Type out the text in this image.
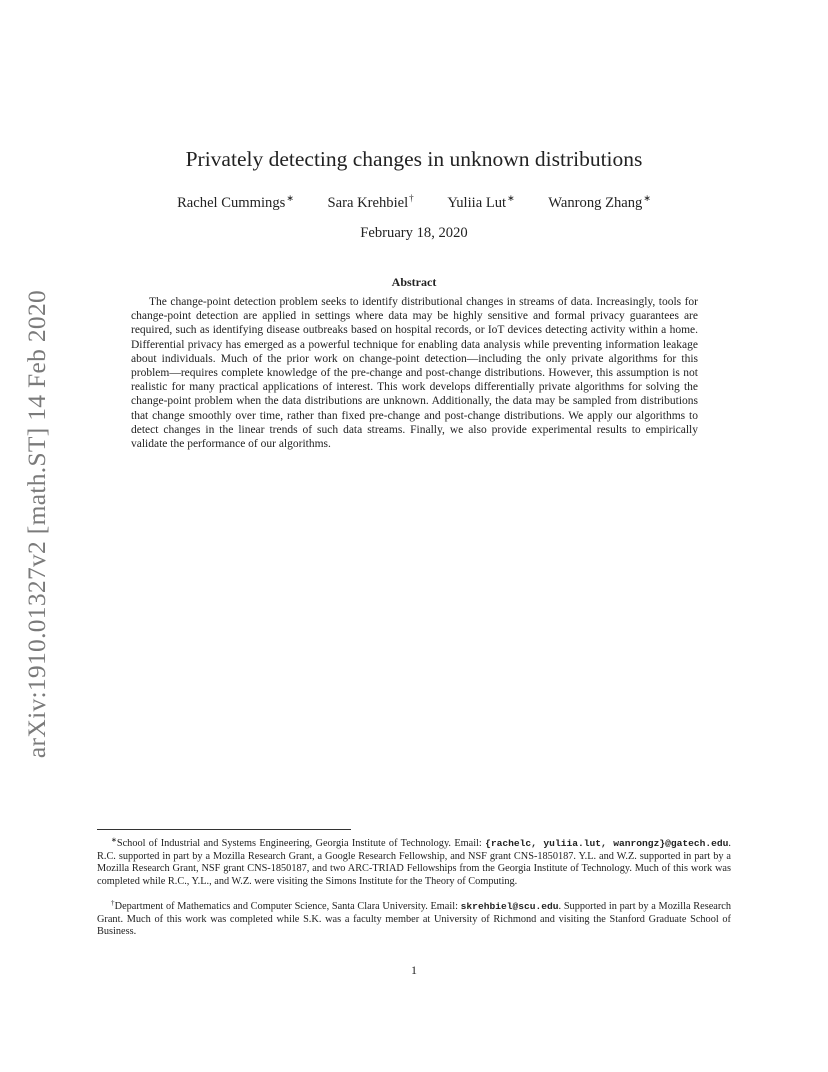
arXiv:1910.01327v2 [math.ST] 14 Feb 2020
Privately detecting changes in unknown distributions
Rachel Cummings∗ Sara Krehbiel† Yuliia Lut∗ Wanrong Zhang∗
February 18, 2020
Abstract

The change-point detection problem seeks to identify distributional changes in streams of data. Increasingly, tools for change-point detection are applied in settings where data may be highly sensitive and formal privacy guarantees are required, such as identifying disease outbreaks based on hospital records, or IoT devices detecting activity within a home. Differential privacy has emerged as a powerful technique for enabling data analysis while preventing information leakage about individuals. Much of the prior work on change-point detection—including the only private algorithms for this problem—requires complete knowledge of the pre-change and post-change distributions. However, this assumption is not realistic for many practical applications of interest. This work develops differentially private algorithms for solving the change-point problem when the data distributions are unknown. Additionally, the data may be sampled from distributions that change smoothly over time, rather than fixed pre-change and post-change distributions. We apply our algorithms to detect changes in the linear trends of such data streams. Finally, we also provide experimental results to empirically validate the performance of our algorithms.

∗School of Industrial and Systems Engineering, Georgia Institute of Technology. Email: {rachelc, yuliia.lut, wanrongz}@gatech.edu. R.C. supported in part by a Mozilla Research Grant, a Google Research Fellowship, and NSF grant CNS-1850187. Y.L. and W.Z. supported in part by a Mozilla Research Grant, NSF grant CNS-1850187, and two ARC-TRIAD Fellowships from the Georgia Institute of Technology. Much of this work was completed while R.C., Y.L., and W.Z. were visiting the Simons Institute for the Theory of Computing.

†Department of Mathematics and Computer Science, Santa Clara University. Email: skrehbiel@scu.edu. Supported in part by a Mozilla Research Grant. Much of this work was completed while S.K. was a faculty member at University of Richmond and visiting the Stanford Graduate School of Business.

1
